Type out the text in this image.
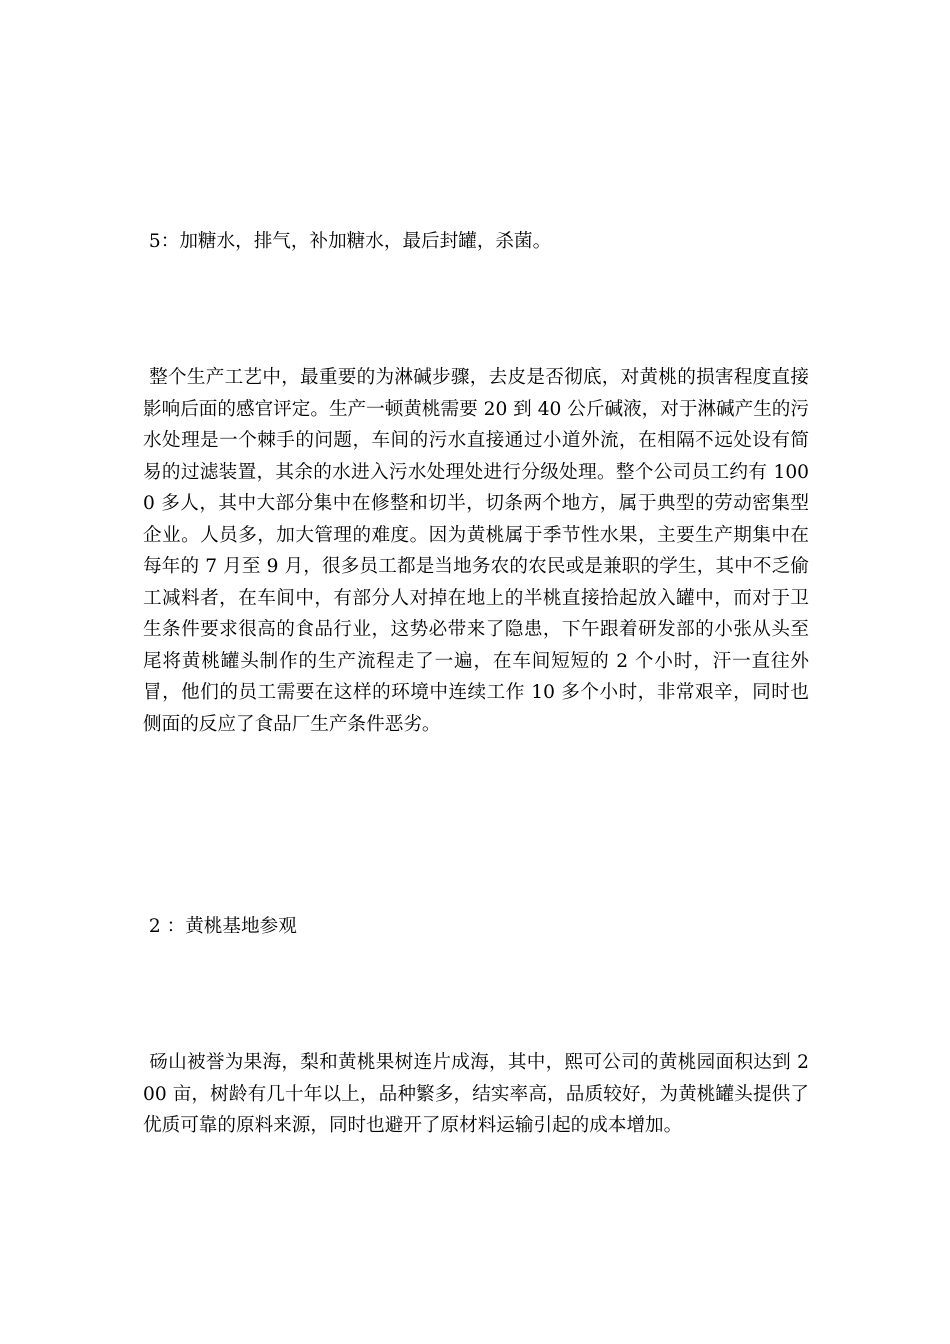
5：加糖水，排气，补加糖水，最后封罐，杀菌。

整个生产工艺中，最重要的为淋碱步骤，去皮是否彻底，对黄桃的损害程度直接影响后面的感官评定。生产一顿黄桃需要 20 到 40 公斤碱液，对于淋碱产生的污水处理是一个棘手的问题，车间的污水直接通过小道外流，在相隔不远处设有简易的过滤装置，其余的水进入污水处理处进行分级处理。整个公司员工约有 1000 多人，其中大部分集中在修整和切半，切条两个地方，属于典型的劳动密集型企业。人员多，加大管理的难度。因为黄桃属于季节性水果，主要生产期集中在每年的 7 月至 9 月，很多员工都是当地务农的农民或是兼职的学生，其中不乏偷工减料者，在车间中，有部分人对掉在地上的半桃直接拾起放入罐中，而对于卫生条件要求很高的食品行业，这势必带来了隐患，下午跟着研发部的小张从头至尾将黄桃罐头制作的生产流程走了一遍，在车间短短的 2 个小时，汗一直往外冒，他们的员工需要在这样的环境中连续工作 10 多个小时，非常艰辛，同时也侧面的反应了食品厂生产条件恶劣。

2 ：黄桃基地参观

砀山被誉为果海，梨和黄桃果树连片成海，其中，熙可公司的黄桃园面积达到 200 亩，树龄有几十年以上，品种繁多，结实率高，品质较好，为黄桃罐头提供了优质可靠的原料来源，同时也避开了原材料运输引起的成本增加。
